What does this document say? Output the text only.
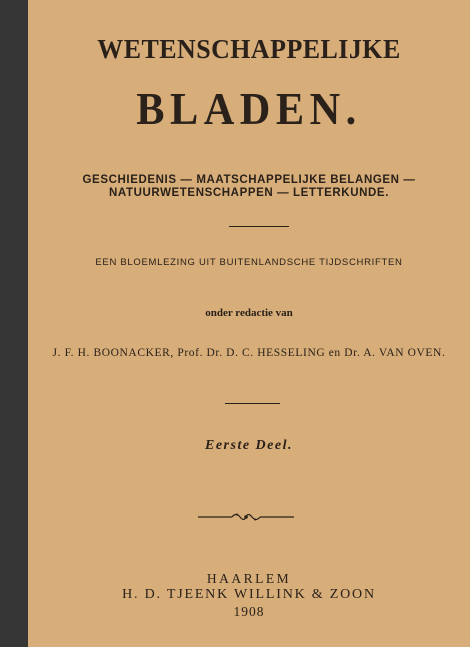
WETENSCHAPPELIJKE
BLADEN.
GESCHIEDENIS — MAATSCHAPPELIJKE BELANGEN —
NATUURWETENSCHAPPEN — LETTERKUNDE.
EEN BLOEMLEZING UIT BUITENLANDSCHE TIJDSCHRIFTEN
onder redactie van
J. F. H. BOONACKER, Prof. Dr. D. C. HESSELING en Dr. A. VAN OVEN.
Eerste Deel.
HAARLEM
H. D. TJEENK WILLINK & ZOON
1908
